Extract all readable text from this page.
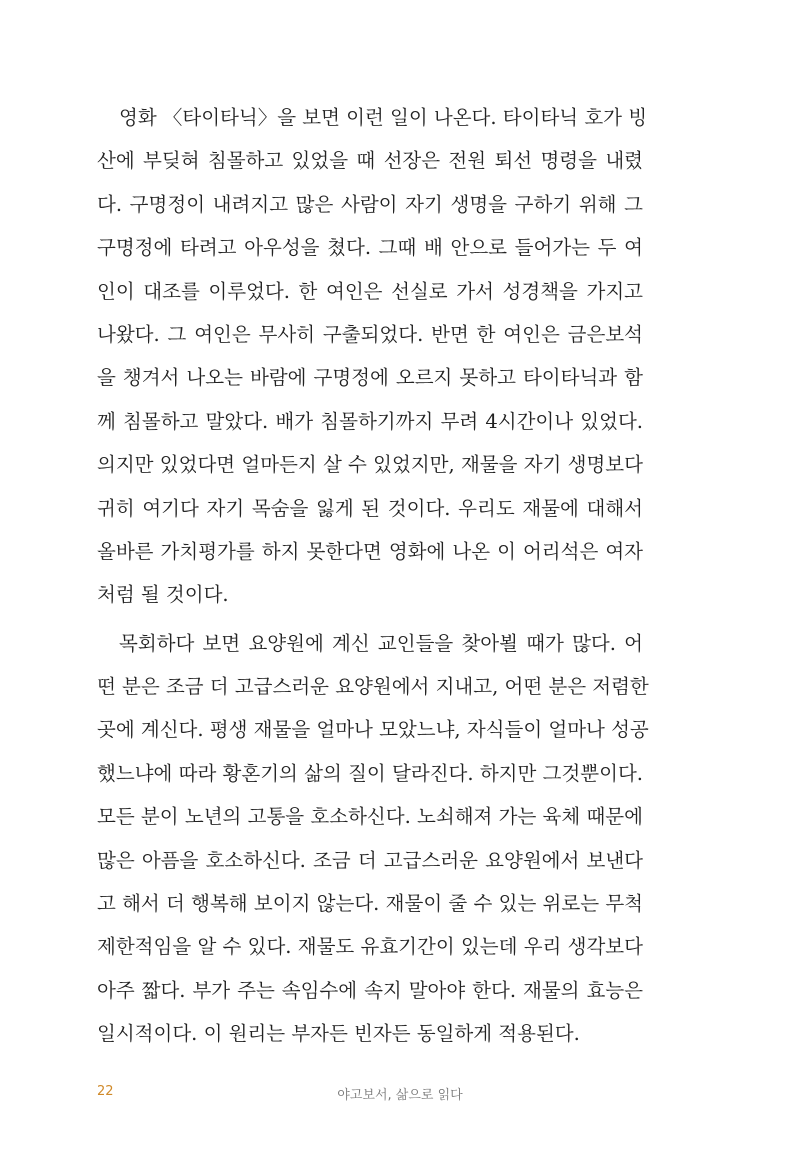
영화 〈타이타닉〉을 보면 이런 일이 나온다. 타이타닉 호가 빙
산에 부딪혀 침몰하고 있었을 때 선장은 전원 퇴선 명령을 내렸
다. 구명정이 내려지고 많은 사람이 자기 생명을 구하기 위해 그
구명정에 타려고 아우성을 쳤다. 그때 배 안으로 들어가는 두 여
인이 대조를 이루었다. 한 여인은 선실로 가서 성경책을 가지고
나왔다. 그 여인은 무사히 구출되었다. 반면 한 여인은 금은보석
을 챙겨서 나오는 바람에 구명정에 오르지 못하고 타이타닉과 함
께 침몰하고 말았다. 배가 침몰하기까지 무려 4시간이나 있었다.
의지만 있었다면 얼마든지 살 수 있었지만, 재물을 자기 생명보다
귀히 여기다 자기 목숨을 잃게 된 것이다. 우리도 재물에 대해서
올바른 가치평가를 하지 못한다면 영화에 나온 이 어리석은 여자
처럼 될 것이다.

목회하다 보면 요양원에 계신 교인들을 찾아뵐 때가 많다. 어
떤 분은 조금 더 고급스러운 요양원에서 지내고, 어떤 분은 저렴한
곳에 계신다. 평생 재물을 얼마나 모았느냐, 자식들이 얼마나 성공
했느냐에 따라 황혼기의 삶의 질이 달라진다. 하지만 그것뿐이다.
모든 분이 노년의 고통을 호소하신다. 노쇠해져 가는 육체 때문에
많은 아픔을 호소하신다. 조금 더 고급스러운 요양원에서 보낸다
고 해서 더 행복해 보이지 않는다. 재물이 줄 수 있는 위로는 무척
제한적임을 알 수 있다. 재물도 유효기간이 있는데 우리 생각보다
아주 짧다. 부가 주는 속임수에 속지 말아야 한다. 재물의 효능은
일시적이다. 이 원리는 부자든 빈자든 동일하게 적용된다.

22	야고보서, 삶으로 읽다
